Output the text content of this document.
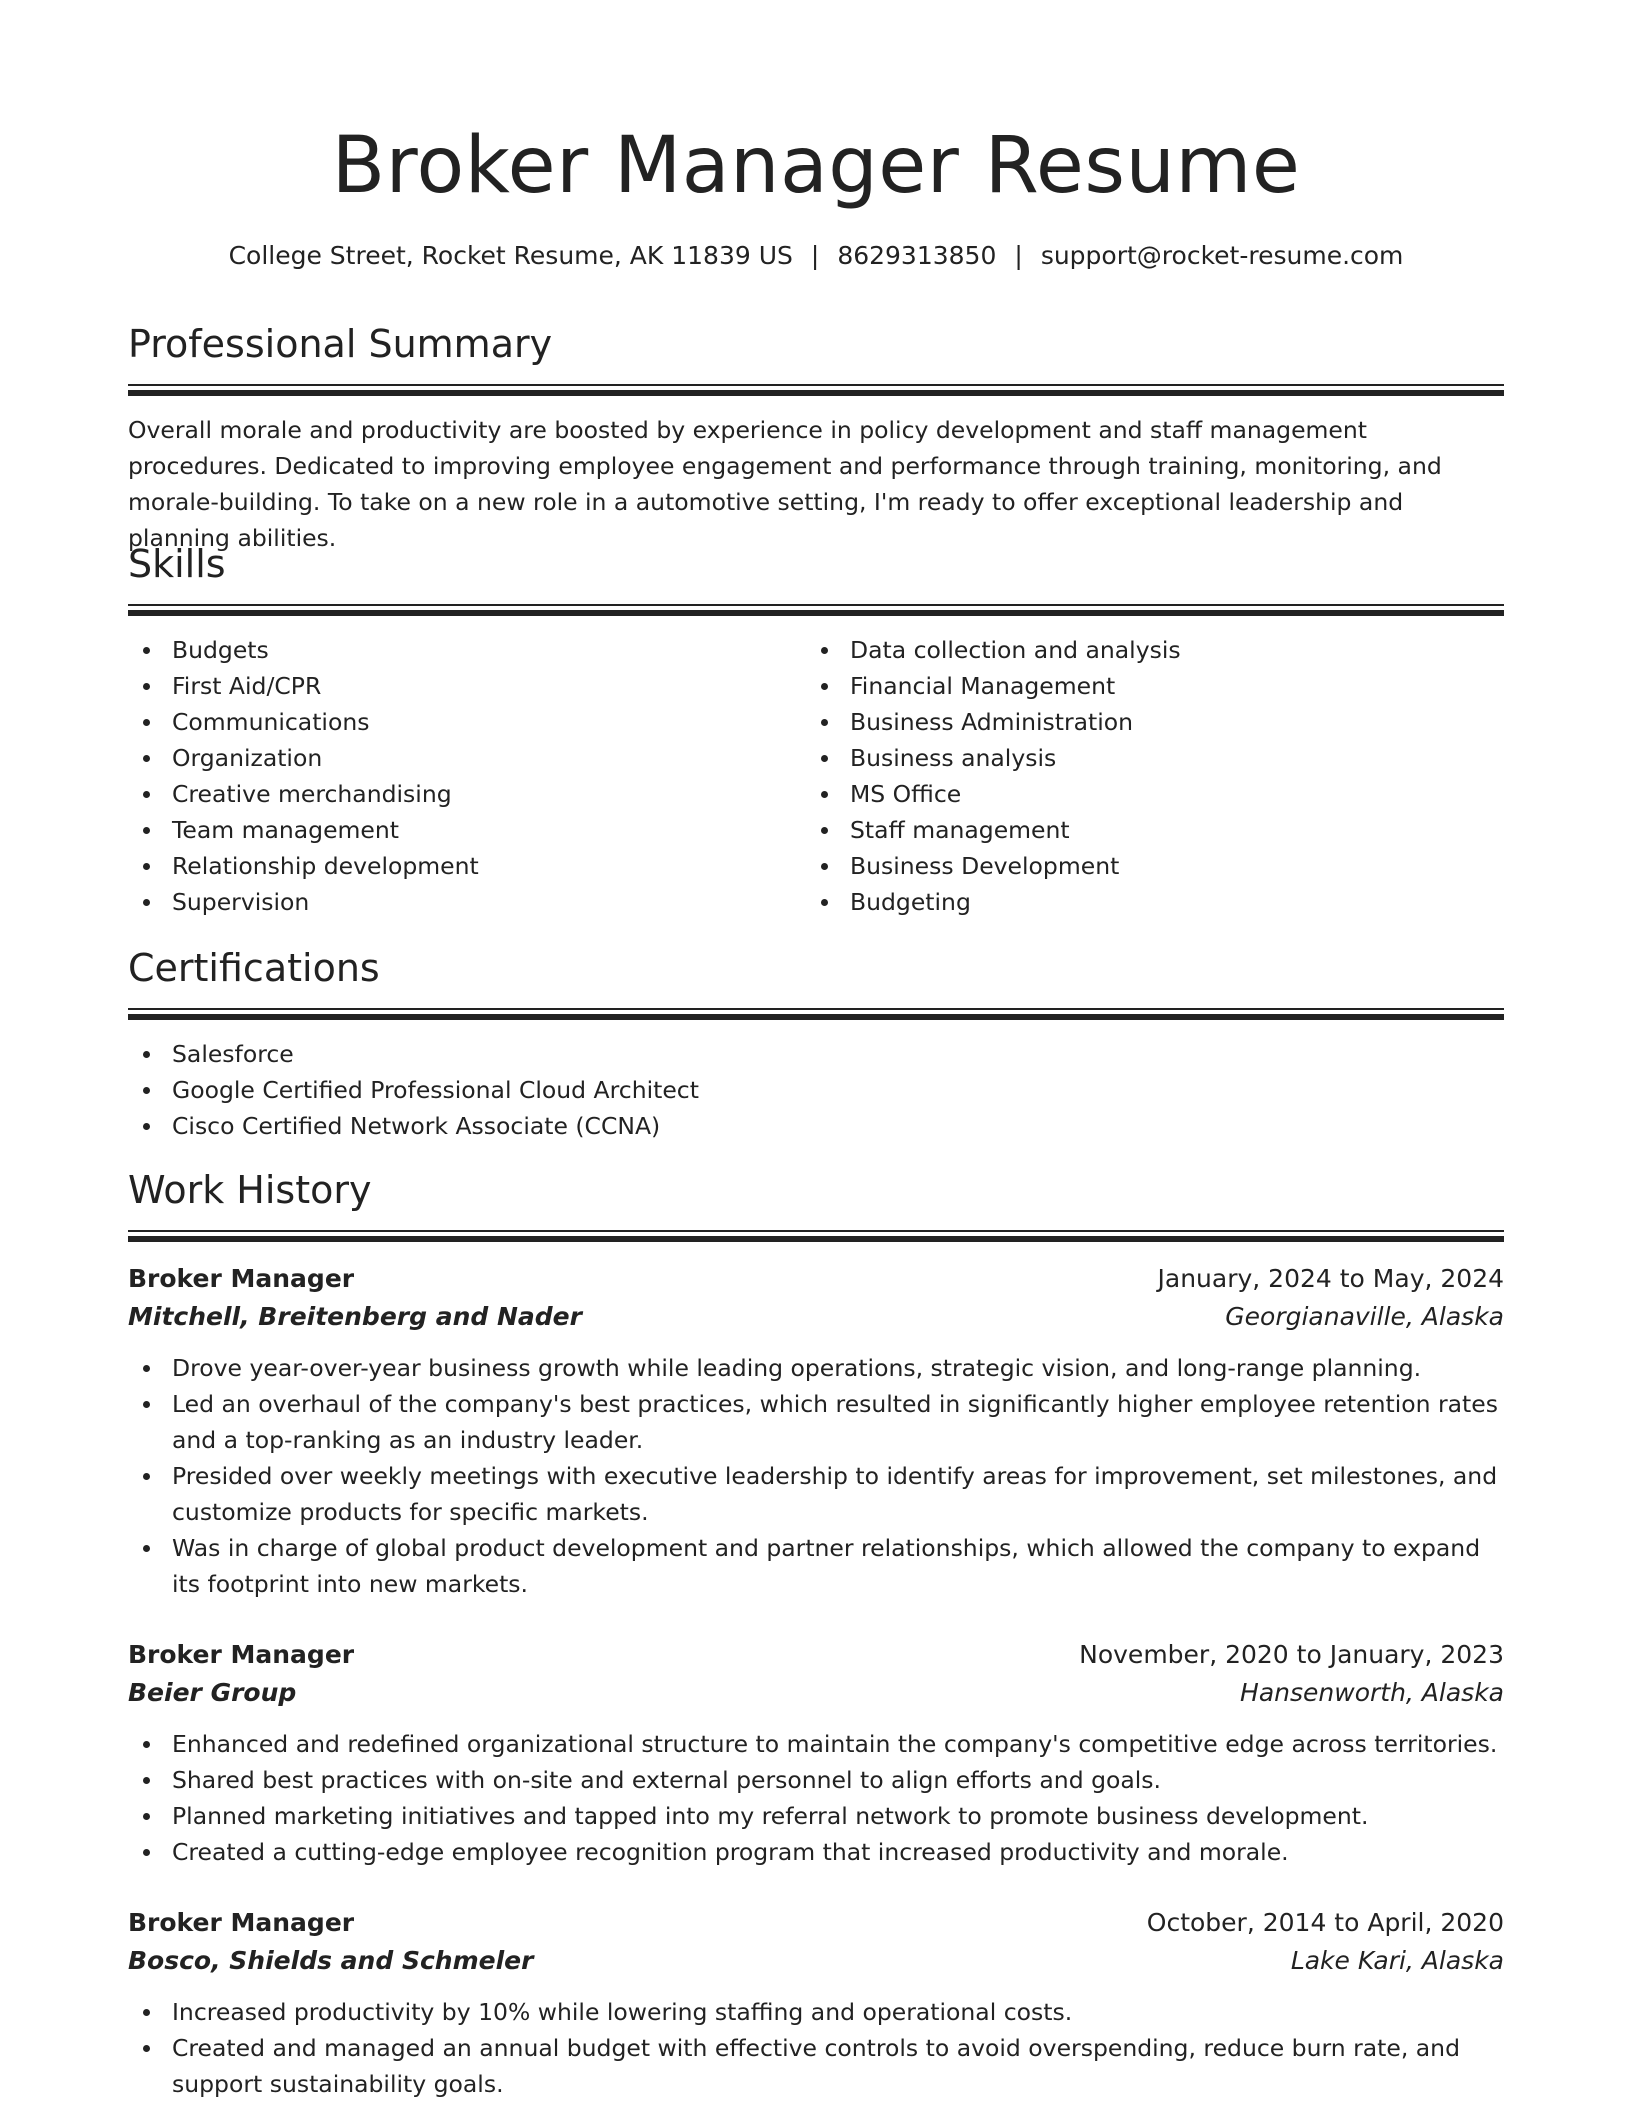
Broker Manager Resume
College Street, Rocket Resume, AK 11839 US | 8629313850 | support@rocket-resume.com
Professional Summary
Overall morale and productivity are boosted by experience in policy development and staff management procedures. Dedicated to improving employee engagement and performance through training, monitoring, and morale-building. To take on a new role in a automotive setting, I'm ready to offer exceptional leadership and planning abilities.
Skills
Budgets
First Aid/CPR
Communications
Organization
Creative merchandising
Team management
Relationship development
Supervision
Data collection and analysis
Financial Management
Business Administration
Business analysis
MS Office
Staff management
Business Development
Budgeting
Certifications
Salesforce
Google Certified Professional Cloud Architect
Cisco Certified Network Associate (CCNA)
Work History
Broker Manager	January, 2024 to May, 2024
Mitchell, Breitenberg and Nader	Georgianaville, Alaska
Drove year-over-year business growth while leading operations, strategic vision, and long-range planning.
Led an overhaul of the company's best practices, which resulted in significantly higher employee retention rates and a top-ranking as an industry leader.
Presided over weekly meetings with executive leadership to identify areas for improvement, set milestones, and customize products for specific markets.
Was in charge of global product development and partner relationships, which allowed the company to expand its footprint into new markets.
Broker Manager	November, 2020 to January, 2023
Beier Group	Hansenworth, Alaska
Enhanced and redefined organizational structure to maintain the company's competitive edge across territories.
Shared best practices with on-site and external personnel to align efforts and goals.
Planned marketing initiatives and tapped into my referral network to promote business development.
Created a cutting-edge employee recognition program that increased productivity and morale.
Broker Manager	October, 2014 to April, 2020
Bosco, Shields and Schmeler	Lake Kari, Alaska
Increased productivity by 10% while lowering staffing and operational costs.
Created and managed an annual budget with effective controls to avoid overspending, reduce burn rate, and support sustainability goals.
